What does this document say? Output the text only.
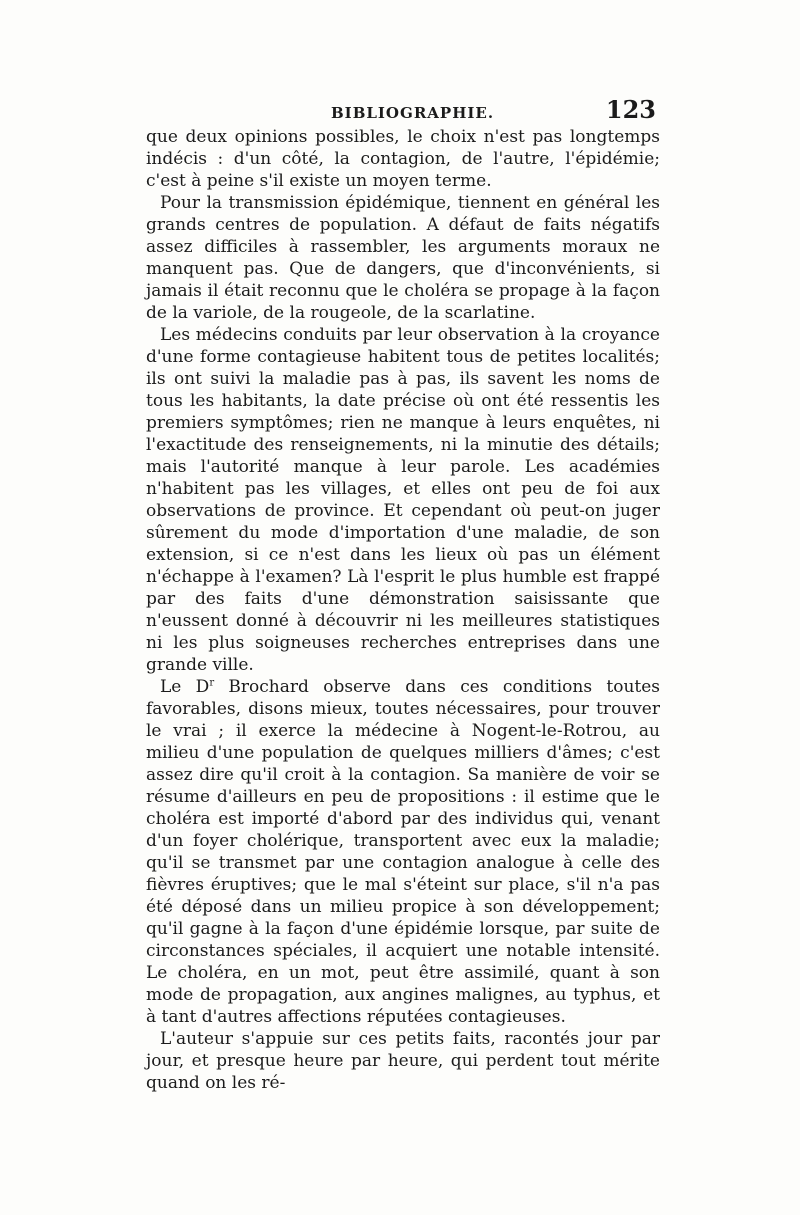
BIBLIOGRAPHIE.	123

que deux opinions possibles, le choix n'est pas longtemps indécis : d'un côté, la contagion, de l'autre, l'épidémie; c'est à peine s'il existe un moyen terme.

Pour la transmission épidémique, tiennent en général les grands centres de population. A défaut de faits négatifs assez difficiles à rassembler, les arguments moraux ne manquent pas. Que de dangers, que d'inconvénients, si jamais il était reconnu que le choléra se propage à la façon de la variole, de la rougeole, de la scarlatine.

Les médecins conduits par leur observation à la croyance d'une forme contagieuse habitent tous de petites localités; ils ont suivi la maladie pas à pas, ils savent les noms de tous les habitants, la date précise où ont été ressentis les premiers symptômes; rien ne manque à leurs enquêtes, ni l'exactitude des renseignements, ni la minutie des détails; mais l'autorité manque à leur parole. Les académies n'habitent pas les villages, et elles ont peu de foi aux observations de province. Et cependant où peut-on juger sûrement du mode d'importation d'une maladie, de son extension, si ce n'est dans les lieux où pas un élément n'échappe à l'examen? Là l'esprit le plus humble est frappé par des faits d'une démonstration saisissante que n'eussent donné à découvrir ni les meilleures statistiques ni les plus soigneuses recherches entreprises dans une grande ville.

Le $D^r$ Brochard observe dans ces conditions toutes favorables, disons mieux, toutes nécessaires, pour trouver le vrai ; il exerce la médecine à Nogent-le-Rotrou, au milieu d'une population de quelques milliers d'âmes; c'est assez dire qu'il croit à la contagion. Sa manière de voir se résume d'ailleurs en peu de propositions : il estime que le choléra est importé d'abord par des individus qui, venant d'un foyer cholérique, transportent avec eux la maladie; qu'il se transmet par une contagion analogue à celle des fièvres éruptives; que le mal s'éteint sur place, s'il n'a pas été déposé dans un milieu propice à son développement; qu'il gagne à la façon d'une épidémie lorsque, par suite de circonstances spéciales, il acquiert une notable intensité. Le choléra, en un mot, peut être assimilé, quant à son mode de propagation, aux angines malignes, au typhus, et à tant d'autres affections réputées contagieuses.

L'auteur s'appuie sur ces petits faits, racontés jour par jour, et presque heure par heure, qui perdent tout mérite quand on les ré-
